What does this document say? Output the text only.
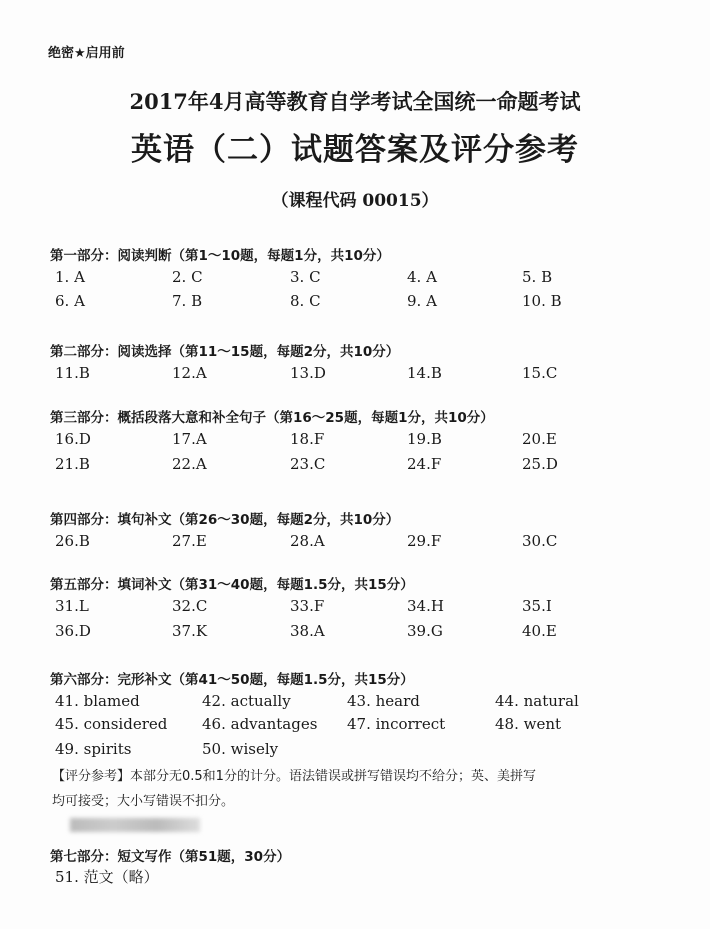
绝密★启用前
2017年4月高等教育自学考试全国统一命题考试
英语（二）试题答案及评分参考
（课程代码 00015）
第一部分：阅读判断（第1～10题，每题1分，共10分）
1. A	2. C	3. C	4. A	5. B
6. A	7. B	8. C	9. A	10. B
第二部分：阅读选择（第11～15题，每题2分，共10分）
11.B	12.A	13.D	14.B	15.C
第三部分：概括段落大意和补全句子（第16～25题，每题1分，共10分）
16.D	17.A	18.F	19.B	20.E
21.B	22.A	23.C	24.F	25.D
第四部分：填句补文（第26～30题，每题2分，共10分）
26.B	27.E	28.A	29.F	30.C
第五部分：填词补文（第31～40题，每题1.5分，共15分）
31.L	32.C	33.F	34.H	35.I
36.D	37.K	38.A	39.G	40.E
第六部分：完形补文（第41～50题，每题1.5分，共15分）
41. blamed	42. actually	43. heard	44. natural
45. considered 46. advantages 47. incorrect	48. went
49. spirits	50. wisely
第七部分：短文写作（第51题，30分）
51. 范文（略）
【评分参考】本部分无0.5和1分的计分。语法错误或拼写错误均不给分；英、美拼写
均可接受；大小写错误不扣分。
